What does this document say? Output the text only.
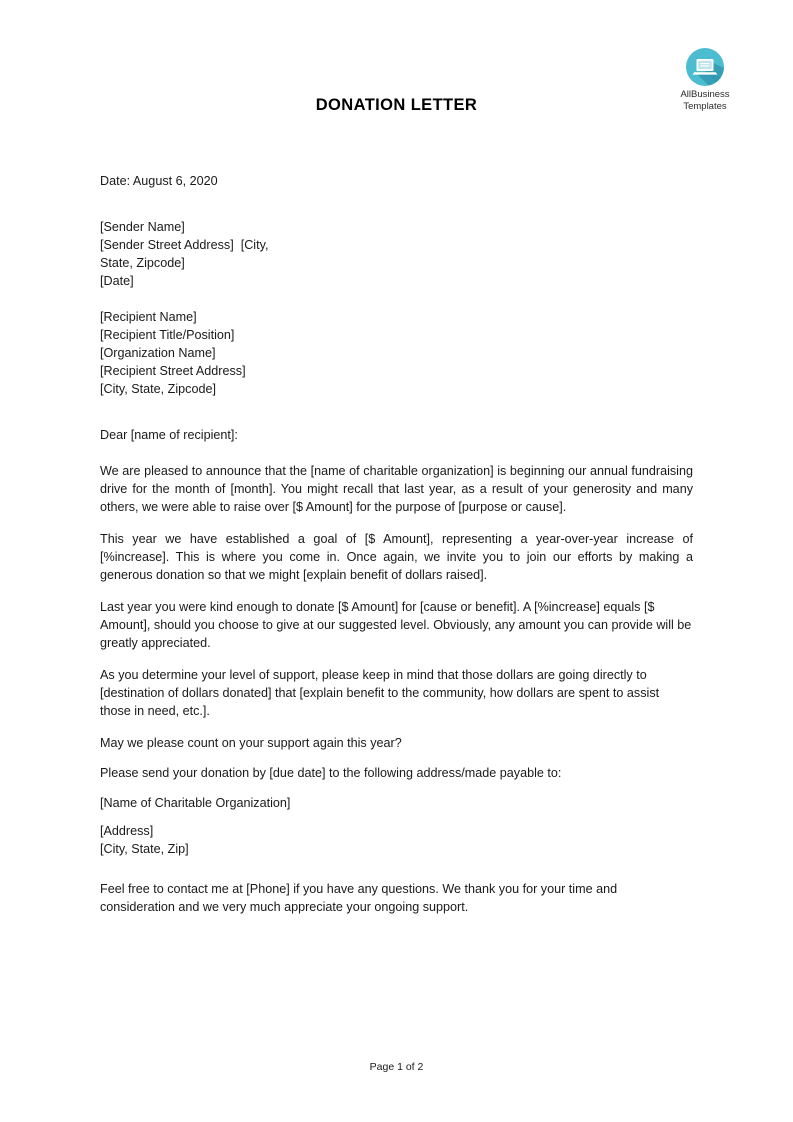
AllBusiness
Templates
DONATION LETTER

Date: August 6, 2020

[Sender Name]
[Sender Street Address]  [City,
State, Zipcode]
[Date]
[Recipient Name]
[Recipient Title/Position]
[Organization Name]
[Recipient Street Address]
[City, State, Zipcode]

Dear [name of recipient]:

We are pleased to announce that the [name of charitable organization] is beginning our annual fundraising drive for the month of [month]. You might recall that last year, as a result of your generosity and many others, we were able to raise over [$ Amount] for the purpose of [purpose or cause].

This year we have established a goal of [$ Amount], representing a year-over-year increase of [%increase]. This is where you come in. Once again, we invite you to join our efforts by making a generous donation so that we might [explain benefit of dollars raised].

Last year you were kind enough to donate [$ Amount] for [cause or benefit]. A [%increase] equals [$ Amount], should you choose to give at our suggested level. Obviously, any amount you can provide will be greatly appreciated.

As you determine your level of support, please keep in mind that those dollars are going directly to [destination of dollars donated] that [explain benefit to the community, how dollars are spent to assist those in need, etc.].

May we please count on your support again this year?

Please send your donation by [due date] to the following address/made payable to:

[Name of Charitable Organization]

[Address]

[City, State, Zip]

Feel free to contact me at [Phone] if you have any questions. We thank you for your time and consideration and we very much appreciate your ongoing support.

Page 1 of 2
